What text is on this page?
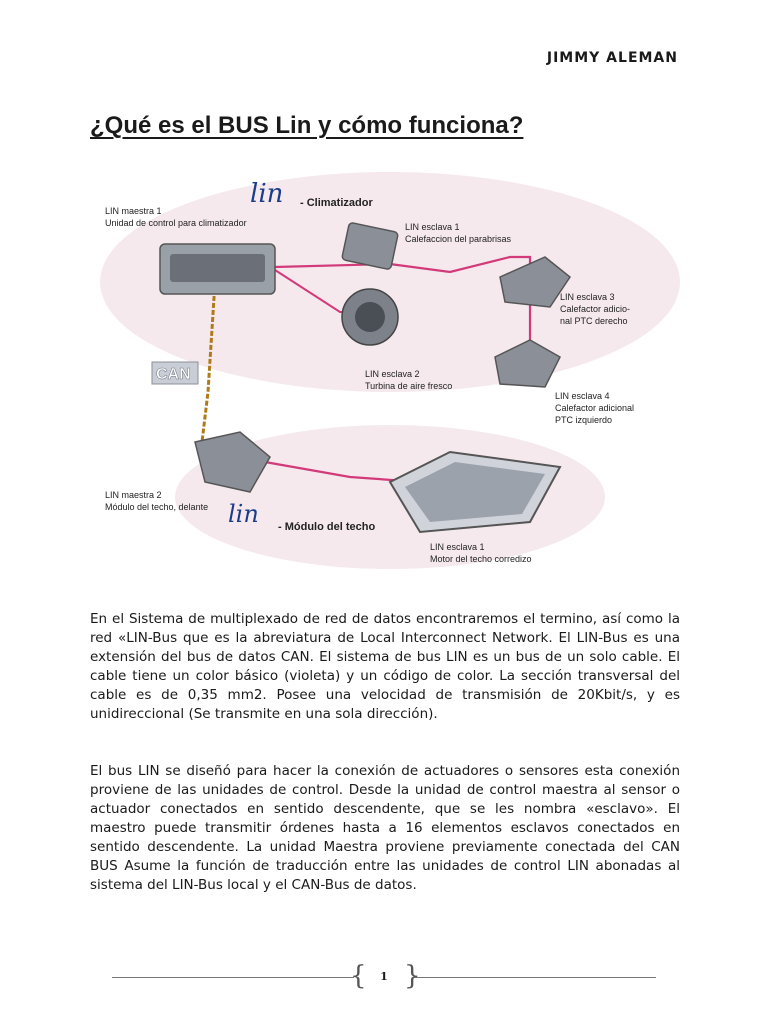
JIMMY ALEMAN
¿Qué es el BUS Lin y cómo funciona?
lin - Climatizador
LIN maestra 1
Unidad de control para climatizador	LIN esclava 1
Calefaccion del parabrisas
LIN esclava 3
Calefactor adicio-
nal PTC derecho
LIN esclava 2
Turbina de aire fresco
LIN esclava 4
Calefactor adicional
PTC izquierdo
CAN
LIN maestra 2
Módulo del techo, delante lin - Módulo del techo
LIN esclava 1
Motor del techo corredizo

En el Sistema de multiplexado de red de datos encontraremos el termino, así como la red «LIN-Bus que es la abreviatura de Local Interconnect Network. El LIN-Bus es una extensión del bus de datos CAN. El sistema de bus LIN es un bus de un solo cable. El cable tiene un color básico (violeta) y un código de color. La sección transversal del cable es de 0,35 mm2. Posee una velocidad de transmisión de 20Kbit/s, y es unidireccional (Se transmite en una sola dirección).

El bus LIN se diseñó para hacer la conexión de actuadores o sensores esta conexión proviene de las unidades de control. Desde la unidad de control maestra al sensor o actuador conectados en sentido descendente, que se les nombra «esclavo». El maestro puede transmitir órdenes hasta a 16 elementos esclavos conectados en sentido descendente. La unidad Maestra proviene previamente conectada del CAN BUS Asume la función de traducción entre las unidades de control LIN abonadas al sistema del LIN-Bus local y el CAN-Bus de datos.

{ }
1
